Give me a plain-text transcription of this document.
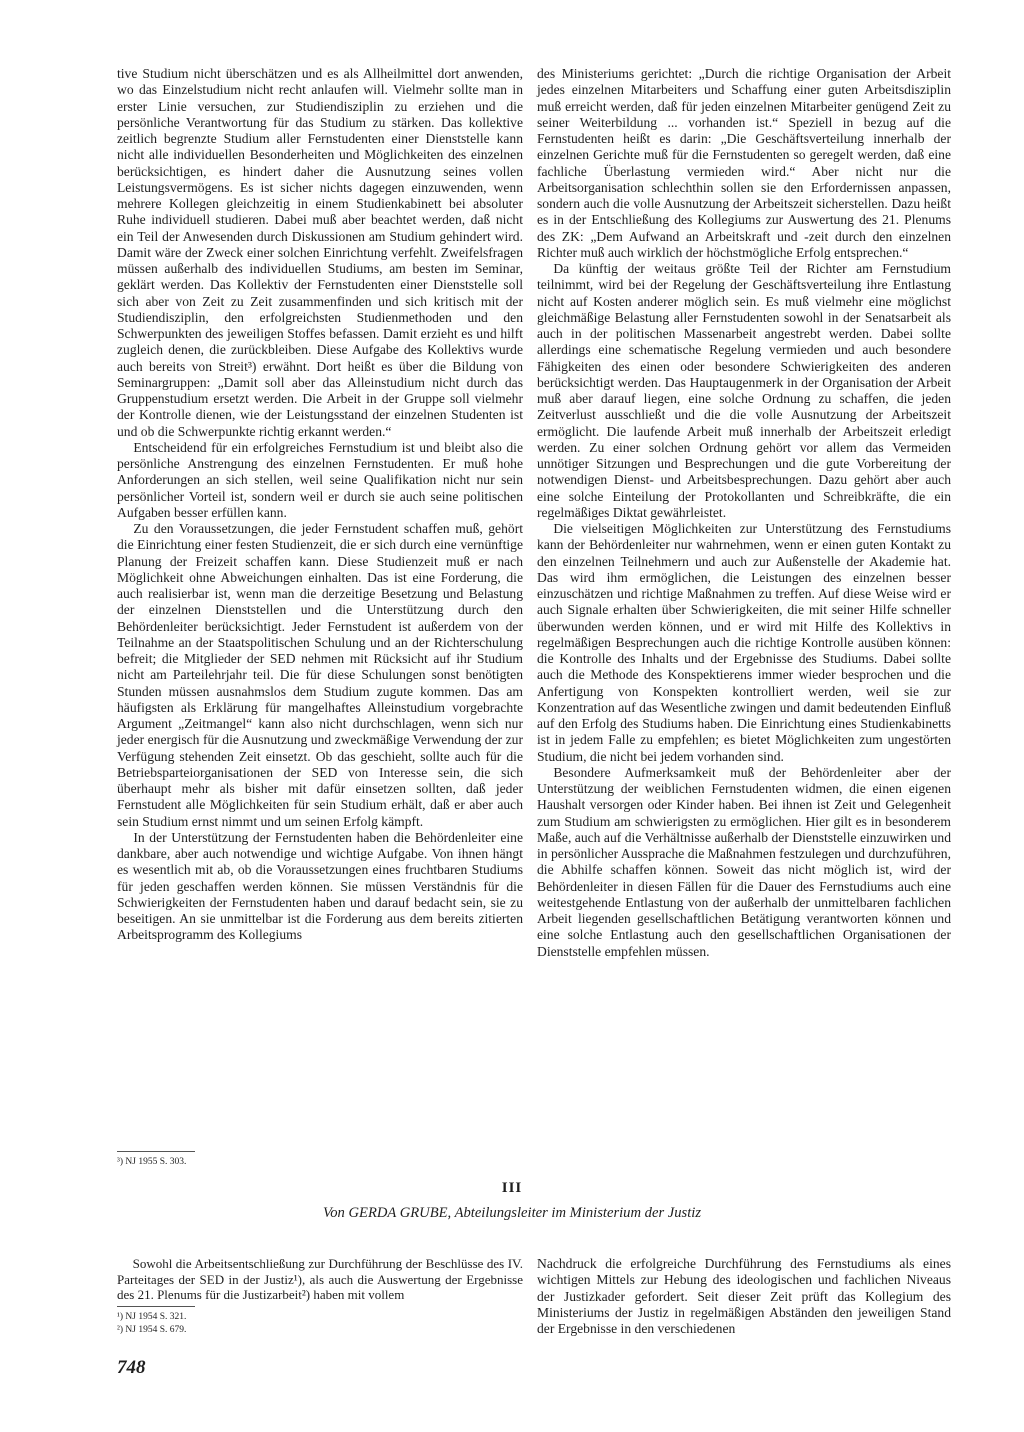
tive Studium nicht überschätzen und es als Allheilmittel dort anwenden, wo das Einzelstudium nicht recht anlaufen will. Vielmehr sollte man in erster Linie versuchen, zur Studiendisziplin zu erziehen und die persönliche Verantwortung für das Studium zu stärken. Das kollektive zeitlich begrenzte Studium aller Fernstudenten einer Dienststelle kann nicht alle individuellen Besonderheiten und Möglichkeiten des einzelnen berücksichtigen, es hindert daher die Ausnutzung seines vollen Leistungsvermögens. Es ist sicher nichts dagegen einzuwenden, wenn mehrere Kollegen gleichzeitig in einem Studienkabinett bei absoluter Ruhe individuell studieren. Dabei muß aber beachtet werden, daß nicht ein Teil der Anwesenden durch Diskussionen am Studium gehindert wird. Damit wäre der Zweck einer solchen Einrichtung verfehlt. Zweifelsfragen müssen außerhalb des individuellen Studiums, am besten im Seminar, geklärt werden. Das Kollektiv der Fernstudenten einer Dienststelle soll sich aber von Zeit zu Zeit zusammenfinden und sich kritisch mit der Studiendisziplin, den erfolgreichsten Studienmethoden und den Schwerpunkten des jeweiligen Stoffes befassen. Damit erzieht es und hilft zugleich denen, die zurückbleiben. Diese Aufgabe des Kollektivs wurde auch bereits von Streit³) erwähnt. Dort heißt es über die Bildung von Seminargruppen: „Damit soll aber das Alleinstudium nicht durch das Gruppenstudium ersetzt werden. Die Arbeit in der Gruppe soll vielmehr der Kontrolle dienen, wie der Leistungsstand der einzelnen Studenten ist und ob die Schwerpunkte richtig erkannt werden.“

Entscheidend für ein erfolgreiches Fernstudium ist und bleibt also die persönliche Anstrengung des einzelnen Fernstudenten. Er muß hohe Anforderungen an sich stellen, weil seine Qualifikation nicht nur sein persönlicher Vorteil ist, sondern weil er durch sie auch seine politischen Aufgaben besser erfüllen kann.

Zu den Voraussetzungen, die jeder Fernstudent schaffen muß, gehört die Einrichtung einer festen Studienzeit, die er sich durch eine vernünftige Planung der Freizeit schaffen kann. Diese Studienzeit muß er nach Möglichkeit ohne Abweichungen einhalten. Das ist eine Forderung, die auch realisierbar ist, wenn man die derzeitige Besetzung und Belastung der einzelnen Dienststellen und die Unterstützung durch den Behördenleiter berücksichtigt. Jeder Fernstudent ist außerdem von der Teilnahme an der Staatspolitischen Schulung und an der Richterschulung befreit; die Mitglieder der SED nehmen mit Rücksicht auf ihr Studium nicht am Parteilehrjahr teil. Die für diese Schulungen sonst benötigten Stunden müssen ausnahmslos dem Studium zugute kommen. Das am häufigsten als Erklärung für mangelhaftes Alleinstudium vorgebrachte Argument „Zeitmangel“ kann also nicht durchschlagen, wenn sich nur jeder energisch für die Ausnutzung und zweckmäßige Verwendung der zur Verfügung stehenden Zeit einsetzt. Ob das geschieht, sollte auch für die Betriebsparteiorganisationen der SED von Interesse sein, die sich überhaupt mehr als bisher mit dafür einsetzen sollten, daß jeder Fernstudent alle Möglichkeiten für sein Studium erhält, daß er aber auch sein Studium ernst nimmt und um seinen Erfolg kämpft.

In der Unterstützung der Fernstudenten haben die Behördenleiter eine dankbare, aber auch notwendige und wichtige Aufgabe. Von ihnen hängt es wesentlich mit ab, ob die Voraussetzungen eines fruchtbaren Studiums für jeden geschaffen werden können. Sie müssen Verständnis für die Schwierigkeiten der Fernstudenten haben und darauf bedacht sein, sie zu beseitigen. An sie unmittelbar ist die Forderung aus dem bereits zitierten Arbeitsprogramm des Kollegiums

des Ministeriums gerichtet: „Durch die richtige Organisation der Arbeit jedes einzelnen Mitarbeiters und Schaffung einer guten Arbeitsdisziplin muß erreicht werden, daß für jeden einzelnen Mitarbeiter genügend Zeit zu seiner Weiterbildung ... vorhanden ist.“ Speziell in bezug auf die Fernstudenten heißt es darin: „Die Geschäftsverteilung innerhalb der einzelnen Gerichte muß für die Fernstudenten so geregelt werden, daß eine fachliche Überlastung vermieden wird.“ Aber nicht nur die Arbeitsorganisation schlechthin sollen sie den Erfordernissen anpassen, sondern auch die volle Ausnutzung der Arbeitszeit sicherstellen. Dazu heißt es in der Entschließung des Kollegiums zur Auswertung des 21. Plenums des ZK: „Dem Aufwand an Arbeitskraft und -zeit durch den einzelnen Richter muß auch wirklich der höchstmögliche Erfolg entsprechen.“

Da künftig der weitaus größte Teil der Richter am Fernstudium teilnimmt, wird bei der Regelung der Geschäftsverteilung ihre Entlastung nicht auf Kosten anderer möglich sein. Es muß vielmehr eine möglichst gleichmäßige Belastung aller Fernstudenten sowohl in der Senatsarbeit als auch in der politischen Massenarbeit angestrebt werden. Dabei sollte allerdings eine schematische Regelung vermieden und auch besondere Fähigkeiten des einen oder besondere Schwierigkeiten des anderen berücksichtigt werden. Das Hauptaugenmerk in der Organisation der Arbeit muß aber darauf liegen, eine solche Ordnung zu schaffen, die jeden Zeitverlust ausschließt und die die volle Ausnutzung der Arbeitszeit ermöglicht. Die laufende Arbeit muß innerhalb der Arbeitszeit erledigt werden. Zu einer solchen Ordnung gehört vor allem das Vermeiden unnötiger Sitzungen und Besprechungen und die gute Vorbereitung der notwendigen Dienst- und Arbeitsbesprechungen. Dazu gehört aber auch eine solche Einteilung der Protokollanten und Schreibkräfte, die ein regelmäßiges Diktat gewährleistet.

Die vielseitigen Möglichkeiten zur Unterstützung des Fernstudiums kann der Behördenleiter nur wahrnehmen, wenn er einen guten Kontakt zu den einzelnen Teilnehmern und auch zur Außenstelle der Akademie hat. Das wird ihm ermöglichen, die Leistungen des einzelnen besser einzuschätzen und richtige Maßnahmen zu treffen. Auf diese Weise wird er auch Signale erhalten über Schwierigkeiten, die mit seiner Hilfe schneller überwunden werden können, und er wird mit Hilfe des Kollektivs in regelmäßigen Besprechungen auch die richtige Kontrolle ausüben können: die Kontrolle des Inhalts und der Ergebnisse des Studiums. Dabei sollte auch die Methode des Konspektierens immer wieder besprochen und die Anfertigung von Konspekten kontrolliert werden, weil sie zur Konzentration auf das Wesentliche zwingen und damit bedeutenden Einfluß auf den Erfolg des Studiums haben. Die Einrichtung eines Studienkabinetts ist in jedem Falle zu empfehlen; es bietet Möglichkeiten zum ungestörten Studium, die nicht bei jedem vorhanden sind.

Besondere Aufmerksamkeit muß der Behördenleiter aber der Unterstützung der weiblichen Fernstudenten widmen, die einen eigenen Haushalt versorgen oder Kinder haben. Bei ihnen ist Zeit und Gelegenheit zum Studium am schwierigsten zu ermöglichen. Hier gilt es in besonderem Maße, auch auf die Verhältnisse außerhalb der Dienststelle einzuwirken und in persönlicher Aussprache die Maßnahmen festzulegen und durchzuführen, die Abhilfe schaffen können. Soweit das nicht möglich ist, wird der Behördenleiter in diesen Fällen für die Dauer des Fernstudiums auch eine weitestgehende Entlastung von der außerhalb der unmittelbaren fachlichen Arbeit liegenden gesellschaftlichen Betätigung verantworten können und eine solche Entlastung auch den gesellschaftlichen Organisationen der Dienststelle empfehlen müssen.

³) NJ 1955 S. 303.
III
Von GERDA GRUBE, Abteilungsleiter im Ministerium der Justiz

Sowohl die Arbeitsentschließung zur Durchführung der Beschlüsse des IV. Parteitages der SED in der Justiz¹), als auch die Auswertung der Ergebnisse des 21. Plenums für die Justizarbeit²) haben mit vollem

Nachdruck die erfolgreiche Durchführung des Fernstudiums als eines wichtigen Mittels zur Hebung des ideologischen und fachlichen Niveaus der Justizkader gefordert. Seit dieser Zeit prüft das Kollegium des Ministeriums der Justiz in regelmäßigen Abständen den jeweiligen Stand der Ergebnisse in den verschiedenen

¹) NJ 1954 S. 321.
²) NJ 1954 S. 679.
748
